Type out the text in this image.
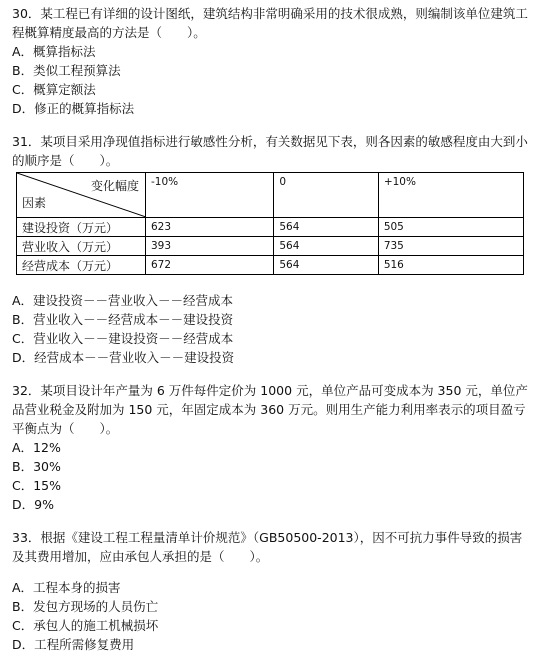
30．某工程已有详细的设计图纸，建筑结构非常明确采用的技术很成熟，则编制该单位建筑工程概算精度最高的方法是（　　）。

A．概算指标法

B．类似工程预算法

C．概算定额法

D．修正的概算指标法

31．某项目采用净现值指标进行敏感性分析，有关数据见下表，则各因素的敏感程度由大到小的顺序是（　　）。

变化幅度
因素	-10%	0	+10%
建设投资（万元）	623	564	505
营业收入（万元）	393	564	735
经营成本（万元）	672	564	516

A．建设投资－－营业收入－－经营成本

B．营业收入－－经营成本－－建设投资

C．营业收入－－建设投资－－经营成本

D．经营成本－－营业收入－－建设投资

32．某项目设计年产量为 6 万件每件定价为 1000 元，单位产品可变成本为 350 元，单位产品营业税金及附加为 150 元，年固定成本为 360 万元。则用生产能力利用率表示的项目盈亏平衡点为（　　）。

A．12%

B．30%

C．15%

D．9%

33．根据《建设工程工程量清单计价规范》（GB50500-2013），因不可抗力事件导致的损害及其费用增加，应由承包人承担的是（　　）。

A．工程本身的损害

B．发包方现场的人员伤亡

C．承包人的施工机械损坏

D．工程所需修复费用
